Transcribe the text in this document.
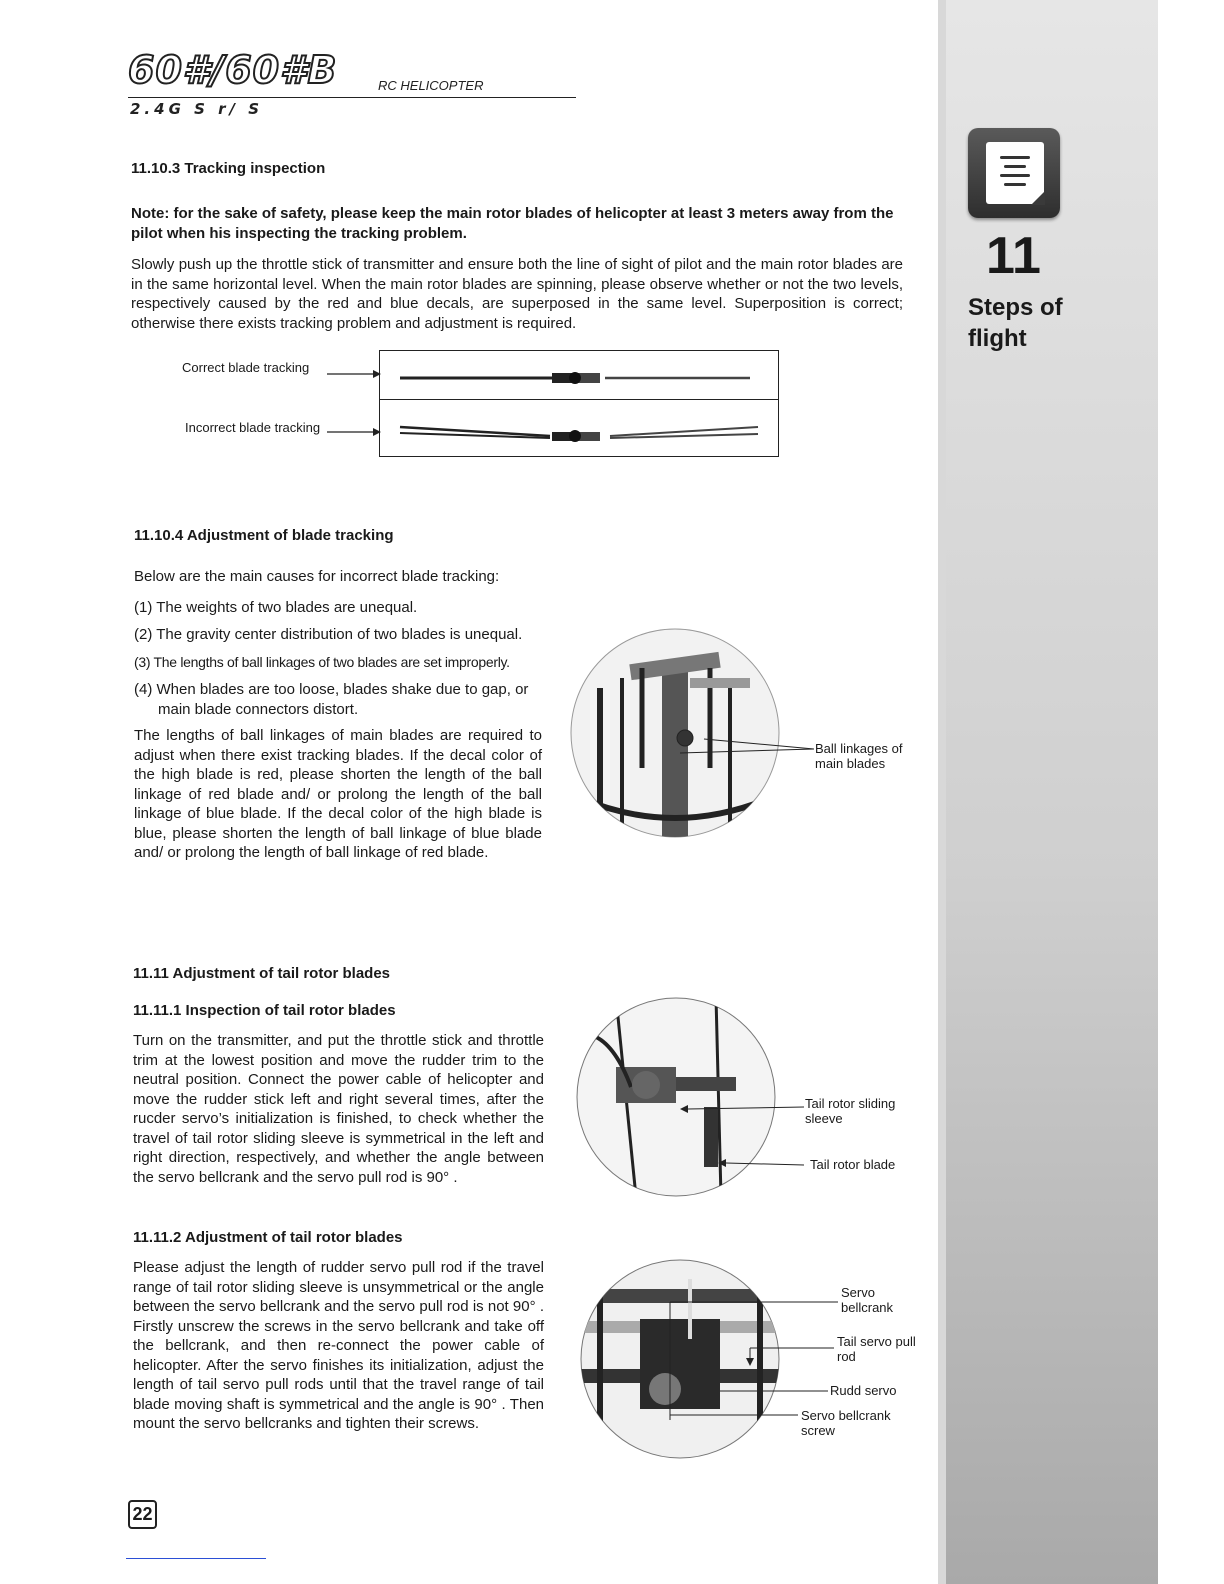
60#/60#B	RC HELICOPTER
2.4G S r/ S
11
Steps of flight
11.10.3 Tracking inspection
Note: for the sake of safety, please keep the main rotor blades of helicopter at least 3 meters away from the pilot when his inspecting the tracking problem.
Slowly push up the throttle stick of transmitter and ensure both the line of sight of pilot and the main rotor blades are in the same horizontal level. When the main rotor blades are spinning, please observe whether or not the two levels, respectively caused by the red and blue decals, are superposed in the same level. Superposition is correct; otherwise there exists tracking problem and adjustment is required.
Correct blade tracking
Incorrect blade tracking
11.10.4 Adjustment of blade tracking
Below are the main causes for incorrect blade tracking:
(1) The weights of two blades are unequal.
(2) The gravity center distribution of two blades is unequal.
(3) The lengths of ball linkages of two blades are set improperly.
(4) When blades are too loose, blades shake due to gap, or main blade connectors distort.
The lengths of ball linkages of main blades are required to adjust when there exist tracking blades. If the decal color of the high blade is red, please shorten the length of the ball linkage of red blade and/ or prolong the length of the ball linkage of blue blade. If the decal color of the high blade is blue, please shorten the length of ball linkage of blue blade and/ or prolong the length of ball linkage of red blade.
Ball linkages of main blades
11.11 Adjustment of tail rotor blades
11.11.1 Inspection of tail rotor blades
Turn on the transmitter, and put the throttle stick and throttle trim at the lowest position and move the rudder trim to the neutral position. Connect the power cable of helicopter and move the rudder stick left and right several times, after the rucder servo’s initialization is finished, to check whether the travel of tail rotor sliding sleeve is symmetrical in the left and right direction, respectively, and whether the angle between the servo bellcrank and the servo pull rod is 90° .
Tail rotor sliding sleeve
Tail rotor blade
11.11.2 Adjustment of tail rotor blades
Please adjust the length of rudder servo pull rod if the travel range of tail rotor sliding sleeve is unsymmetrical or the angle between the servo bellcrank and the servo pull rod is not 90° . Firstly unscrew the screws in the servo bellcrank and take off the bellcrank, and then re-connect the power cable of helicopter. After the servo finishes its initialization, adjust the length of tail servo pull rods until that the travel range of tail blade moving shaft is symmetrical and the angle is 90° . Then mount the servo bellcranks and tighten their screws.
Servo bellcrank
Tail servo pull rod
Rudd servo
Servo bellcrank screw
22
